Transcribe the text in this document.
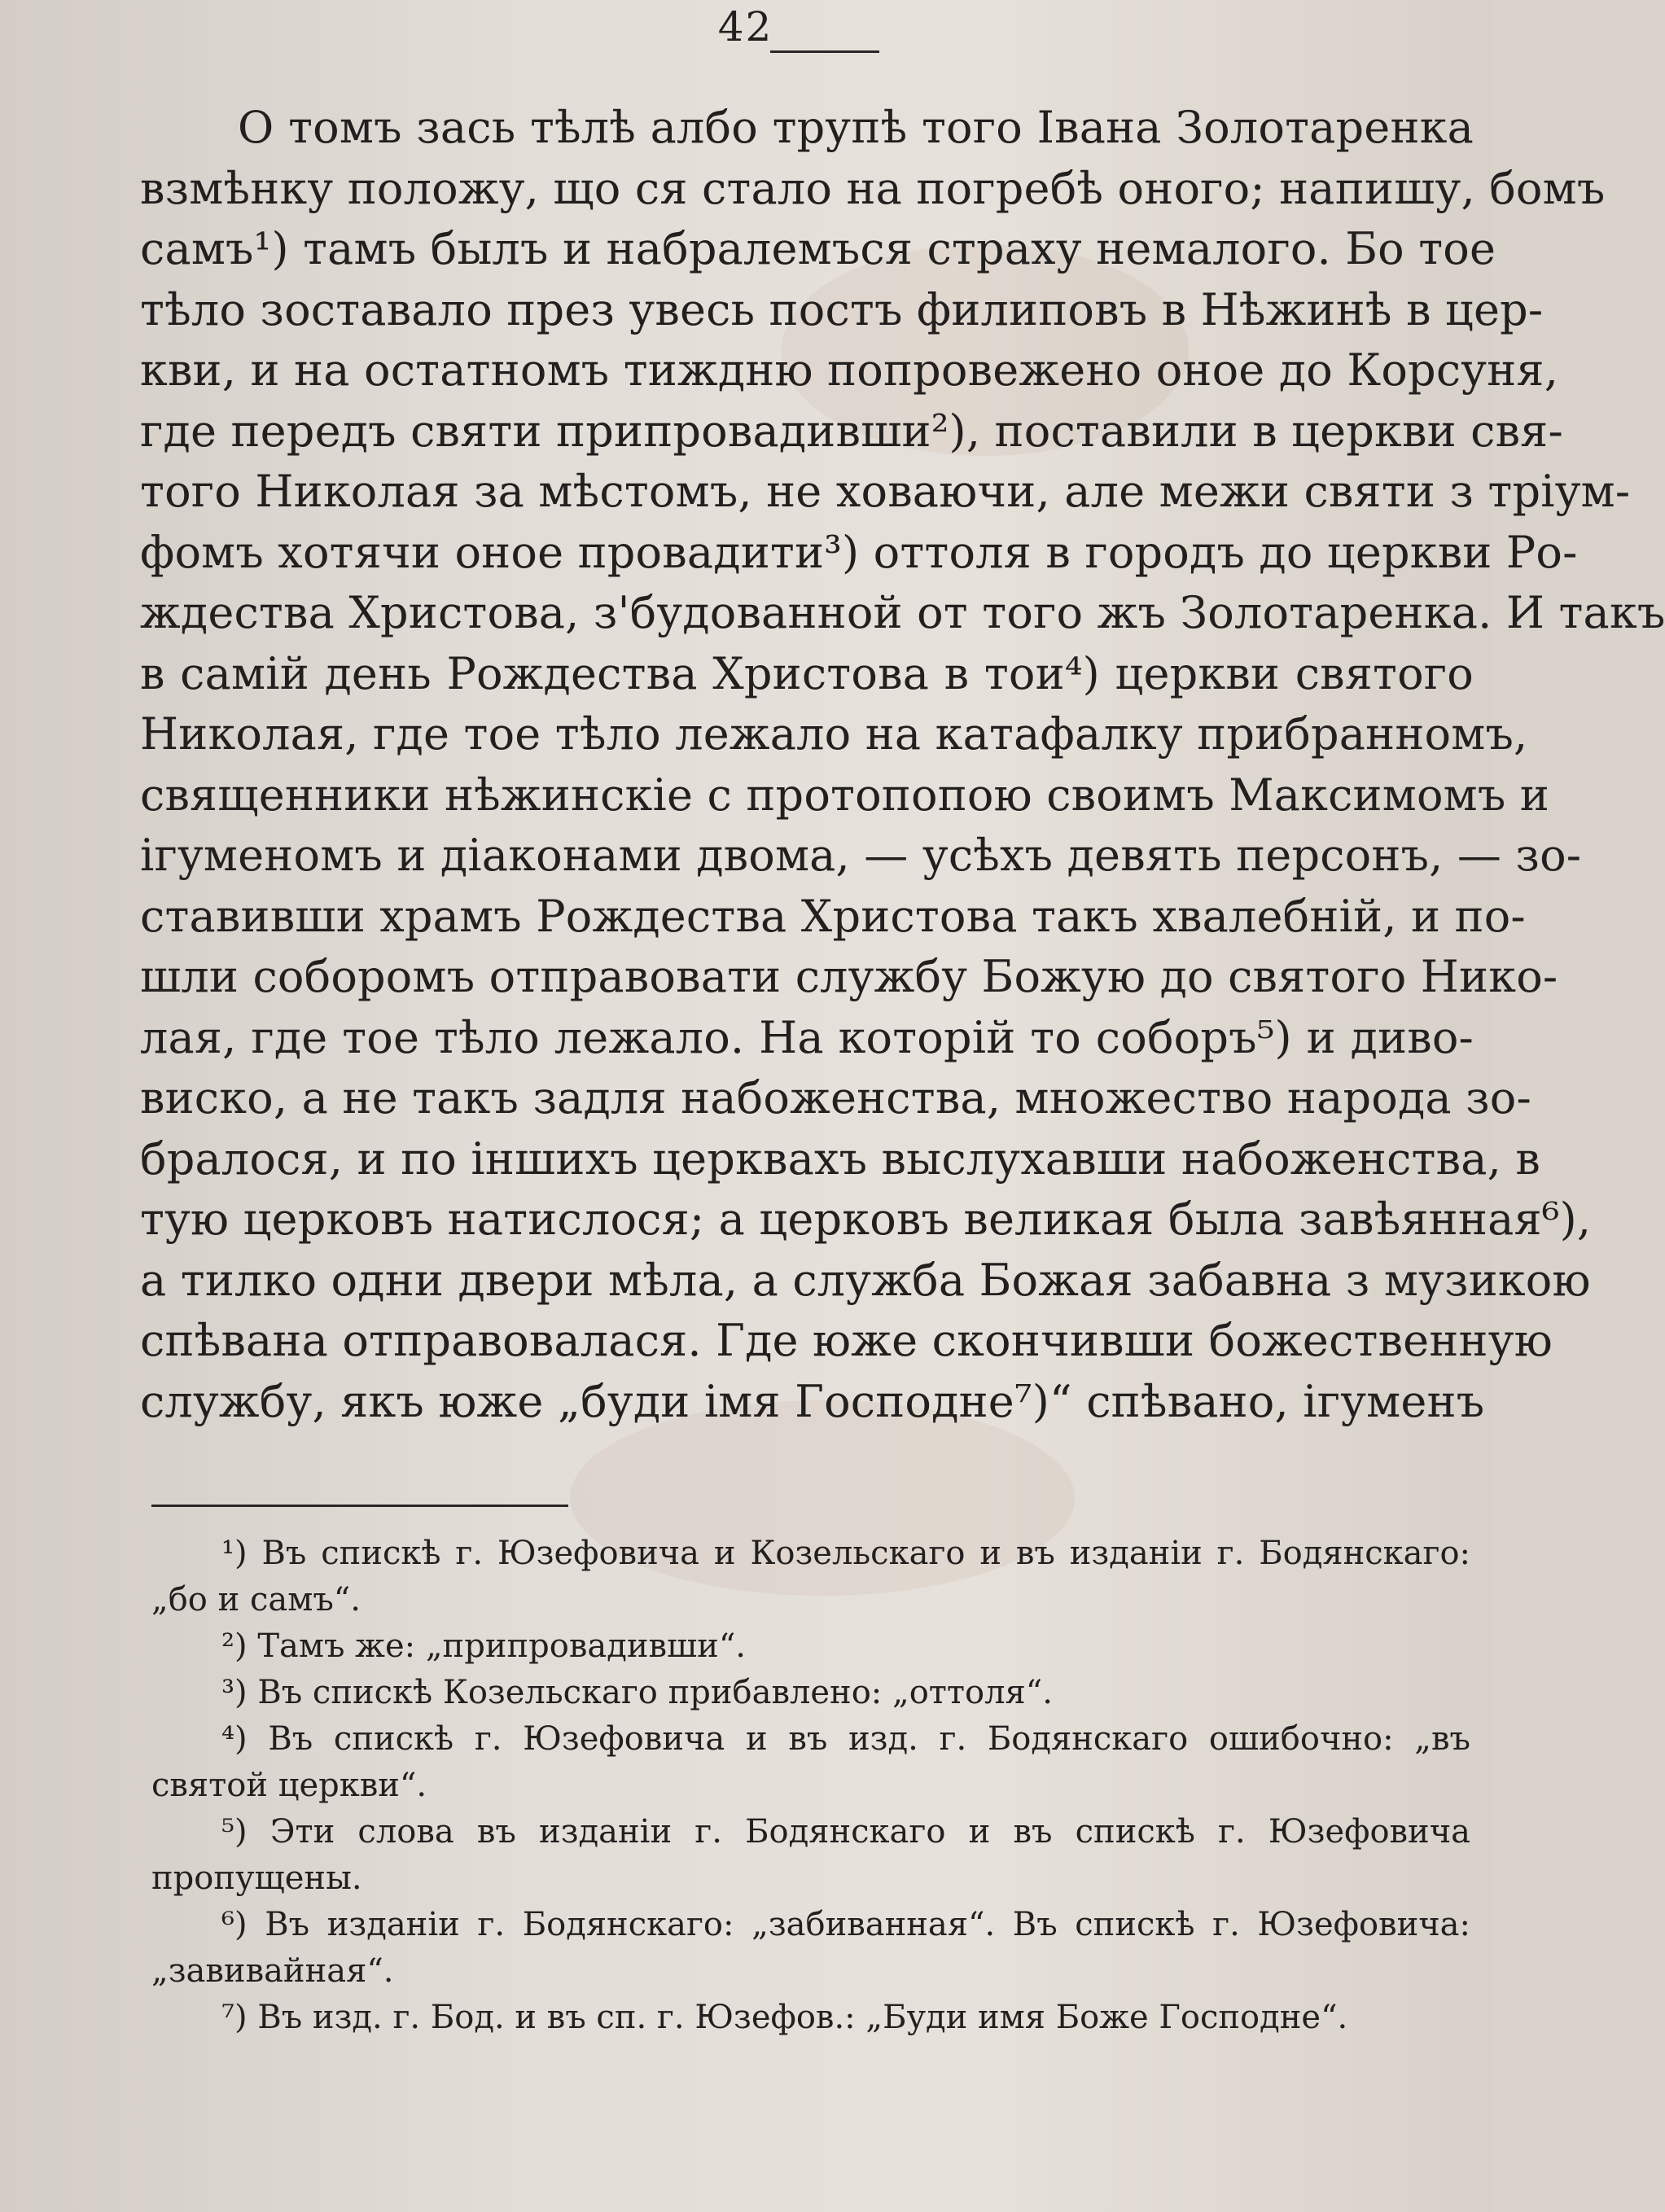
42
О томъ зась тѣлѣ албо трупѣ того Івана Золотаренка
взмѣнку положу, що ся стало на погребѣ оного; напишу, бомъ
самъ¹) тамъ былъ и набралемъся страху немалого. Бо тое
тѣло зоставало през увесь постъ филиповъ в Нѣжинѣ в цер-
кви, и на остатномъ тиждню попровежено оное до Корсуня,
где передъ святи припровадивши²), поставили в церкви свя-
того Николая за мѣстомъ, не ховаючи, але межи святи з тріум-
фомъ хотячи оное провадити³) оттоля в городъ до церкви Ро-
ждества Христова, з'будованной от того жъ Золотаренка. И такъ
в самій день Рождества Христова в тои⁴) церкви святого
Николая, где тое тѣло лежало на катафалку прибранномъ,
священники нѣжинскіе с протопопою своимъ Максимомъ и
ігуменомъ и діаконами двома, — усѣхъ девять персонъ, — зо-
ставивши храмъ Рождества Христова такъ хвалебній, и по-
шли соборомъ отправовати службу Божую до святого Нико-
лая, где тое тѣло лежало. На которій то соборъ⁵) и диво-
виско, а не такъ задля набоженства, множество народа зо-
бралося, и по іншихъ церквахъ выслухавши набоженства, в
тую церковъ натислося; а церковъ великая была завѣянная⁶),
а тилко одни двери мѣла, а служба Божая забавна з музикою
спѣвана отправовалася. Где юже скончивши божественную
службу, якъ юже „буди імя Господне⁷)“ спѣвано, ігуменъ
¹) Въ спискѣ г. Юзефовича и Козельскаго и въ изданіи г. Бодянскаго:
„бо и самъ“.
²) Тамъ же: „припровадивши“.
³) Въ спискѣ Козельскаго прибавлено: „оттоля“.
⁴) Въ спискѣ г. Юзефовича и въ изд. г. Бодянскаго ошибочно: „въ
святой церкви“.
⁵) Эти слова въ изданіи г. Бодянскаго и въ спискѣ г. Юзефовича
пропущены.
⁶) Въ изданіи г. Бодянскаго: „забиванная“. Въ спискѣ г. Юзефовича:
„завивайная“.
⁷) Въ изд. г. Бод. и въ сп. г. Юзефов.: „Буди имя Боже Господне“.
